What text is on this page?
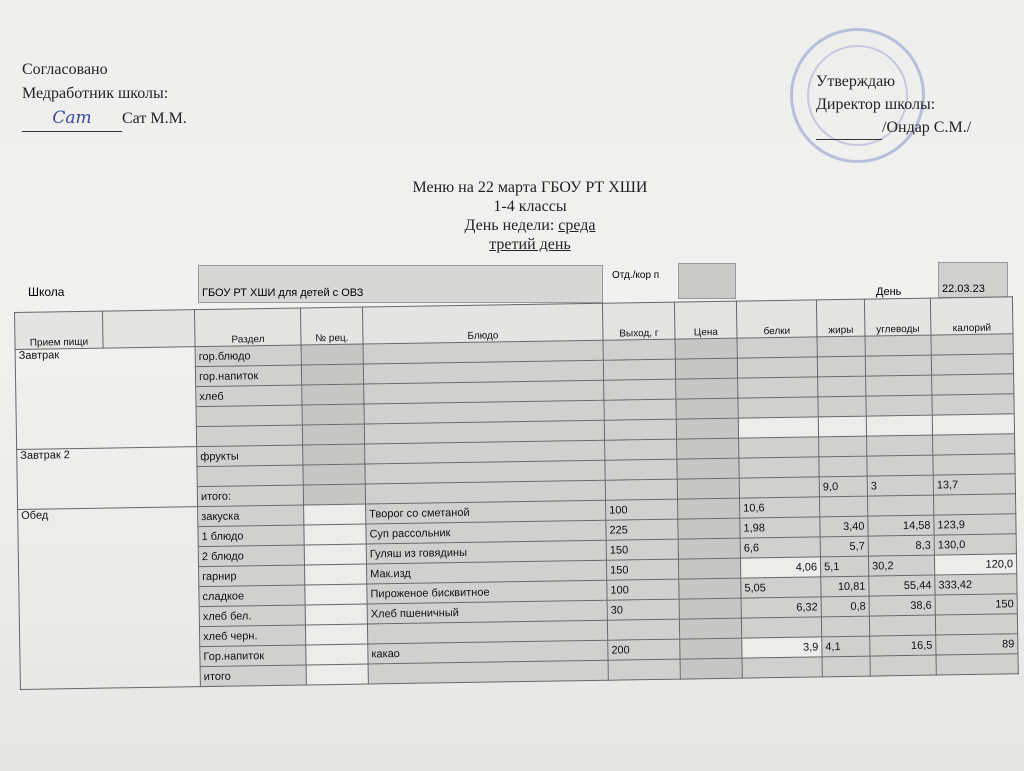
Согласовано
Медработник школы:
Сат Сат М.М.
Утверждаю
Директор школы:
/Ондар С.М./
Меню на 22 марта ГБОУ РТ ХШИ
1-4 классы
День недели: среда
третий день
Школа	ГБОУ РТ ХШИ для детей с ОВЗ
Отд./кор п
День	22.03.23
Прием пищи		Раздел	№ рец.	Блюдо	Выход, г	Цена	белки	жиры	углеводы	калорий
Завтрак		гор.блюдо								
		гор.напиток								
		хлеб								

Завтрак 2		фрукты								

		итого:						9,0	3	13,7
Обед		закуска		Творог со сметаной	100		10,6			
		1 блюдо		Суп рассольник	225		1,98	3,40	14,58	123,9
		2 блюдо		Гуляш из говядины	150		6,6	5,7	8,3	130,0
		гарнир		Мак.изд	150		4,06	5,1	30,2	120,0
		сладкое		Пироженое бисквитное	100		5,05	10,81	55,44	333,42
		хлеб бел.		Хлеб пшеничный	30		6,32	0,8	38,6	150
		хлеб черн.								
		Гор.напиток		какао	200		3,9	4,1	16,5	89
		итого								
